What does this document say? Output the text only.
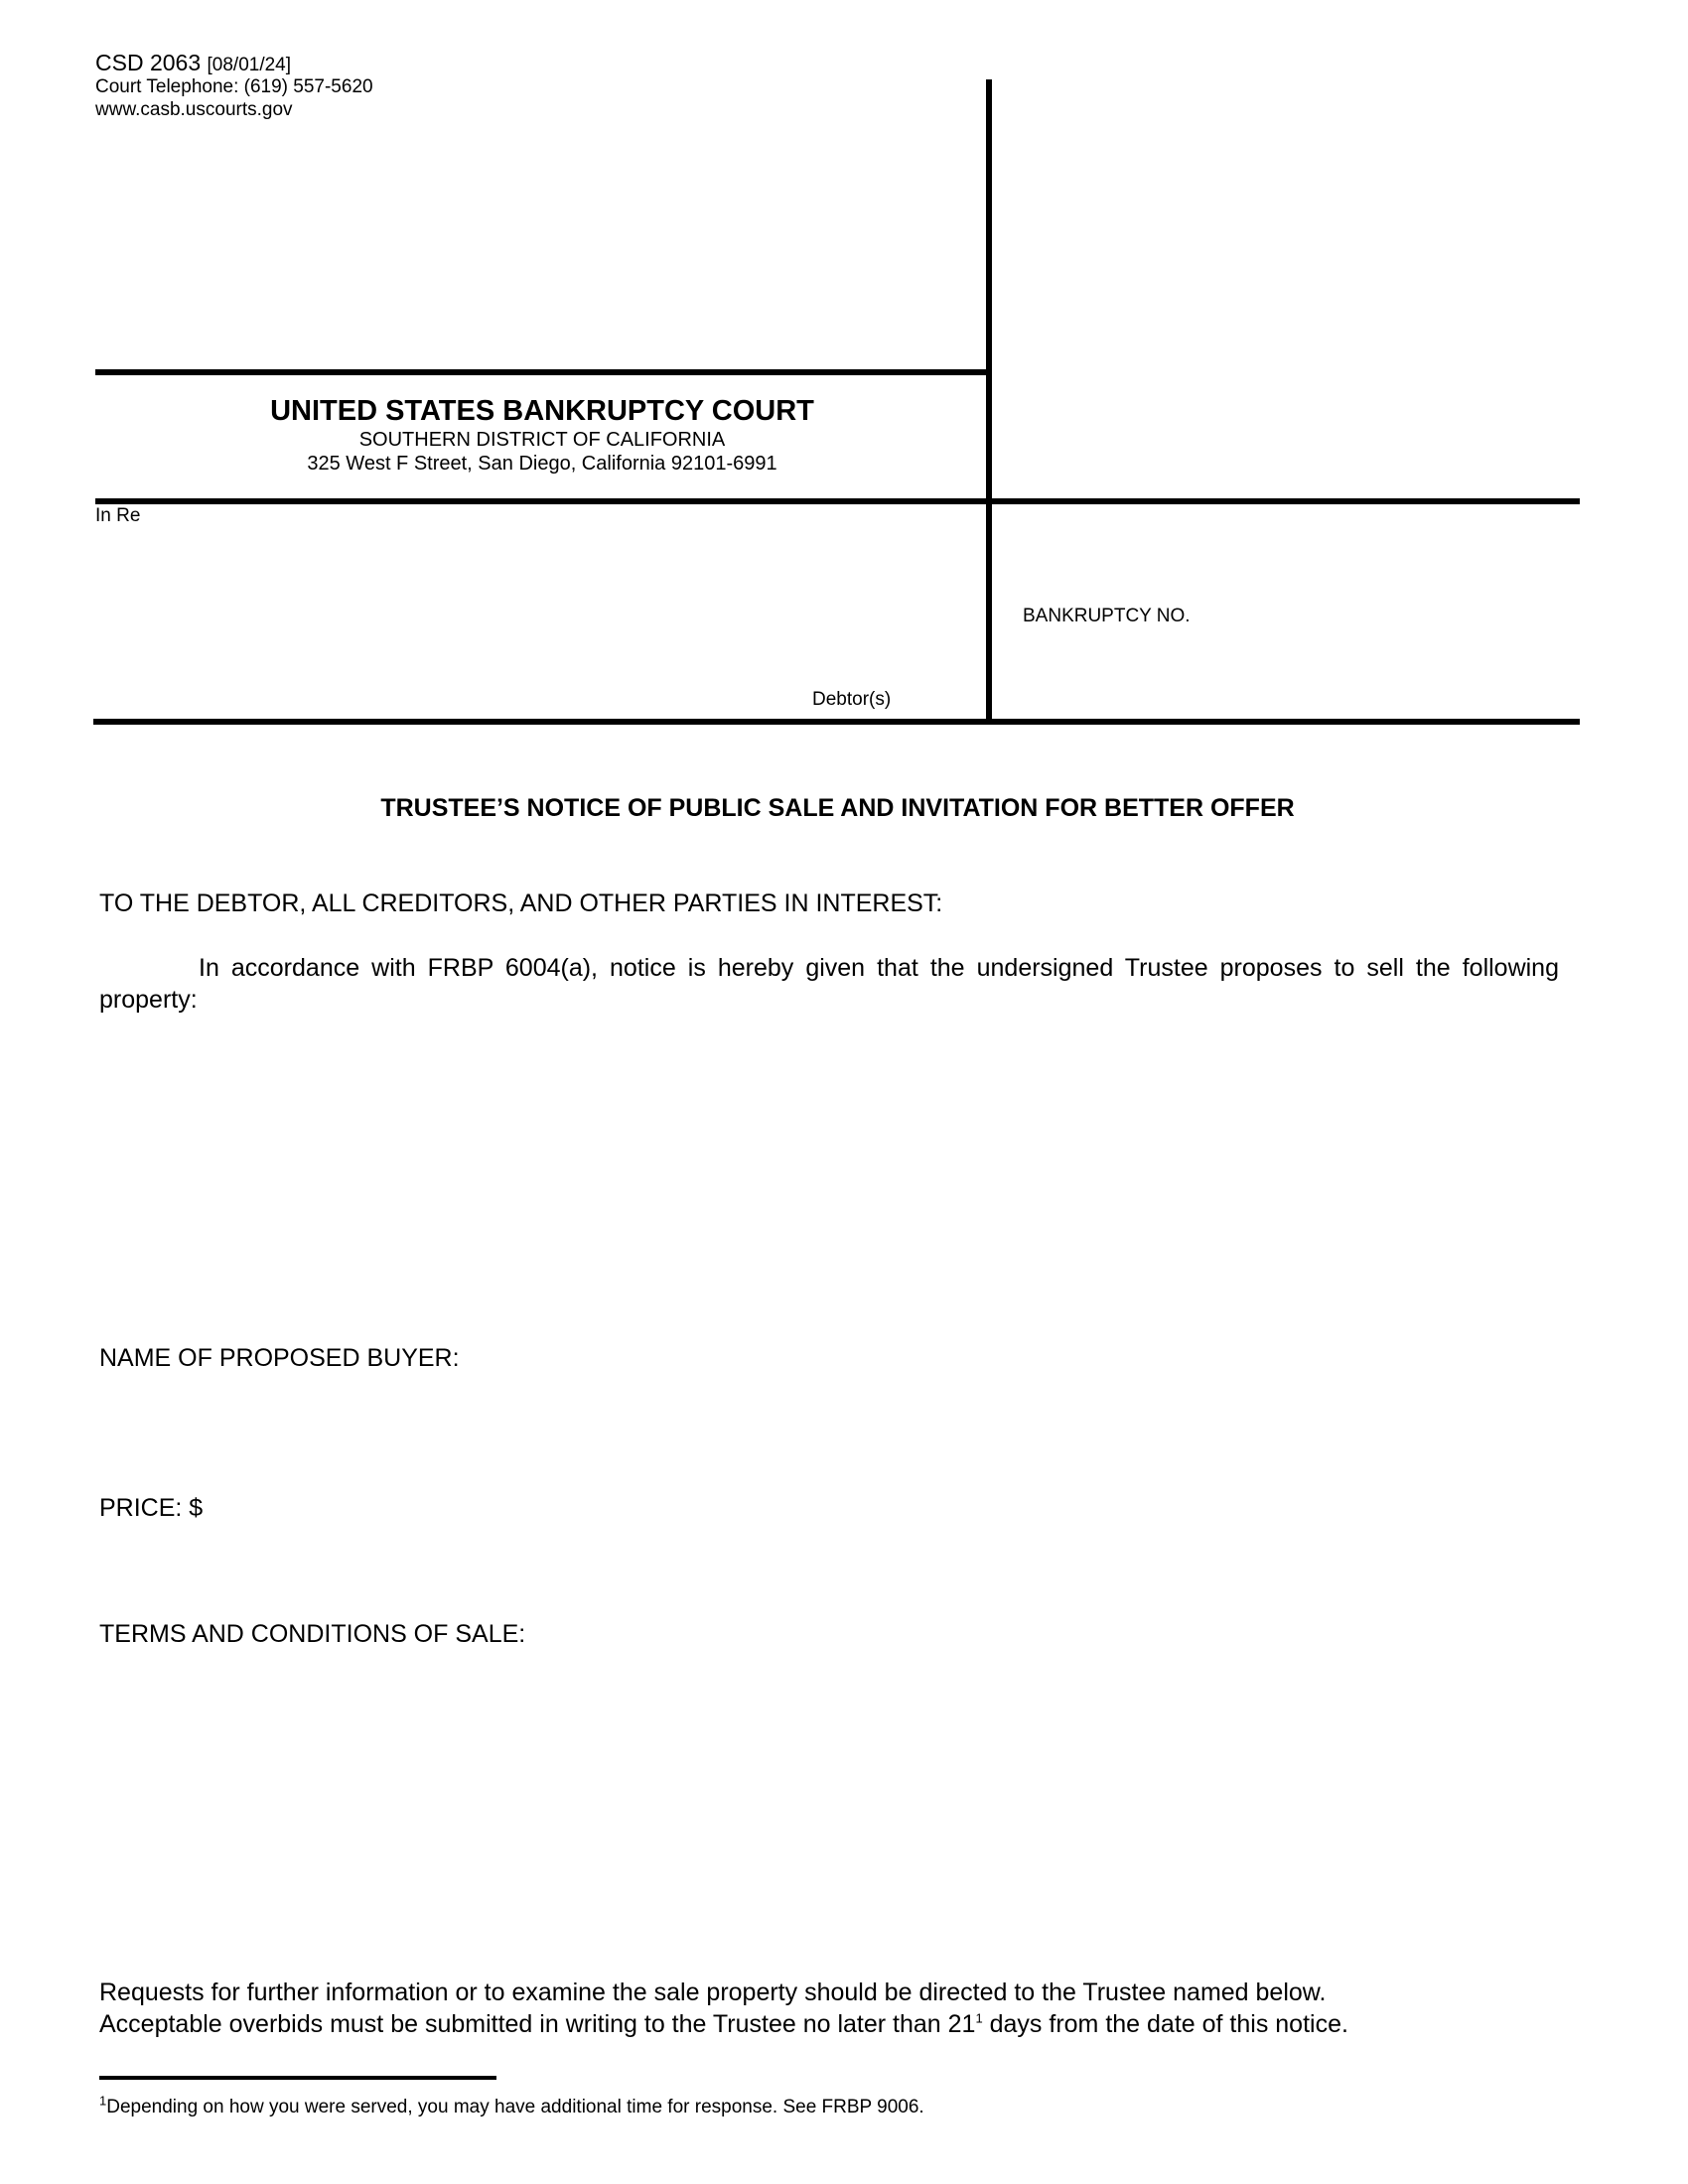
CSD 2063 [08/01/24]
Court Telephone: (619) 557-5620
www.casb.uscourts.gov
UNITED STATES BANKRUPTCY COURT
SOUTHERN DISTRICT OF CALIFORNIA
325 West F Street, San Diego, California 92101-6991
In Re
Debtor(s)
BANKRUPTCY NO.
TRUSTEE’S NOTICE OF PUBLIC SALE AND INVITATION FOR BETTER OFFER
TO THE DEBTOR, ALL CREDITORS, AND OTHER PARTIES IN INTEREST:
In accordance with FRBP 6004(a), notice is hereby given that the undersigned Trustee proposes to sell the following property:
NAME OF PROPOSED BUYER:
PRICE: $
TERMS AND CONDITIONS OF SALE:
Requests for further information or to examine the sale property should be directed to the Trustee named below.
Acceptable overbids must be submitted in writing to the Trustee no later than $21^1$ days from the date of this notice.
$^1$Depending on how you were served, you may have additional time for response. See FRBP 9006.
